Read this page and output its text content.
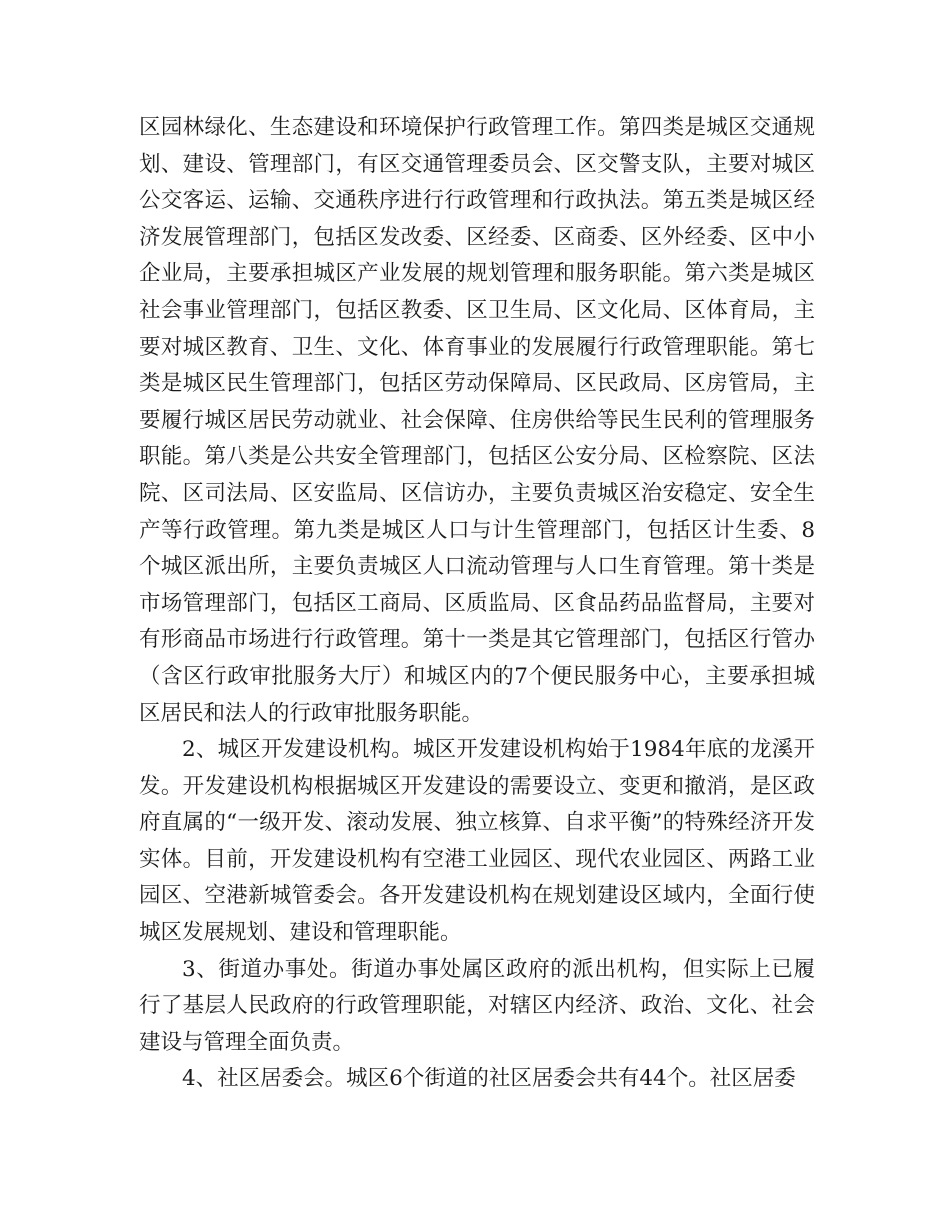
区园林绿化、生态建设和环境保护行政管理工作。第四类是城区交通规划、建设、管理部门，有区交通管理委员会、区交警支队，主要对城区公交客运、运输、交通秩序进行行政管理和行政执法。第五类是城区经济发展管理部门，包括区发改委、区经委、区商委、区外经委、区中小企业局，主要承担城区产业发展的规划管理和服务职能。第六类是城区社会事业管理部门，包括区教委、区卫生局、区文化局、区体育局，主要对城区教育、卫生、文化、体育事业的发展履行行政管理职能。第七类是城区民生管理部门，包括区劳动保障局、区民政局、区房管局，主要履行城区居民劳动就业、社会保障、住房供给等民生民利的管理服务职能。第八类是公共安全管理部门，包括区公安分局、区检察院、区法院、区司法局、区安监局、区信访办，主要负责城区治安稳定、安全生产等行政管理。第九类是城区人口与计生管理部门，包括区计生委、8个城区派出所，主要负责城区人口流动管理与人口生育管理。第十类是市场管理部门，包括区工商局、区质监局、区食品药品监督局，主要对有形商品市场进行行政管理。第十一类是其它管理部门，包括区行管办（含区行政审批服务大厅）和城区内的7个便民服务中心，主要承担城区居民和法人的行政审批服务职能。

2、城区开发建设机构。城区开发建设机构始于1984年底的龙溪开发。开发建设机构根据城区开发建设的需要设立、变更和撤消，是区政府直属的“一级开发、滚动发展、独立核算、自求平衡”的特殊经济开发实体。目前，开发建设机构有空港工业园区、现代农业园区、两路工业园区、空港新城管委会。各开发建设机构在规划建设区域内，全面行使城区发展规划、建设和管理职能。

3、街道办事处。街道办事处属区政府的派出机构，但实际上已履行了基层人民政府的行政管理职能，对辖区内经济、政治、文化、社会建设与管理全面负责。

4、社区居委会。城区6个街道的社区居委会共有44个。社区居委
